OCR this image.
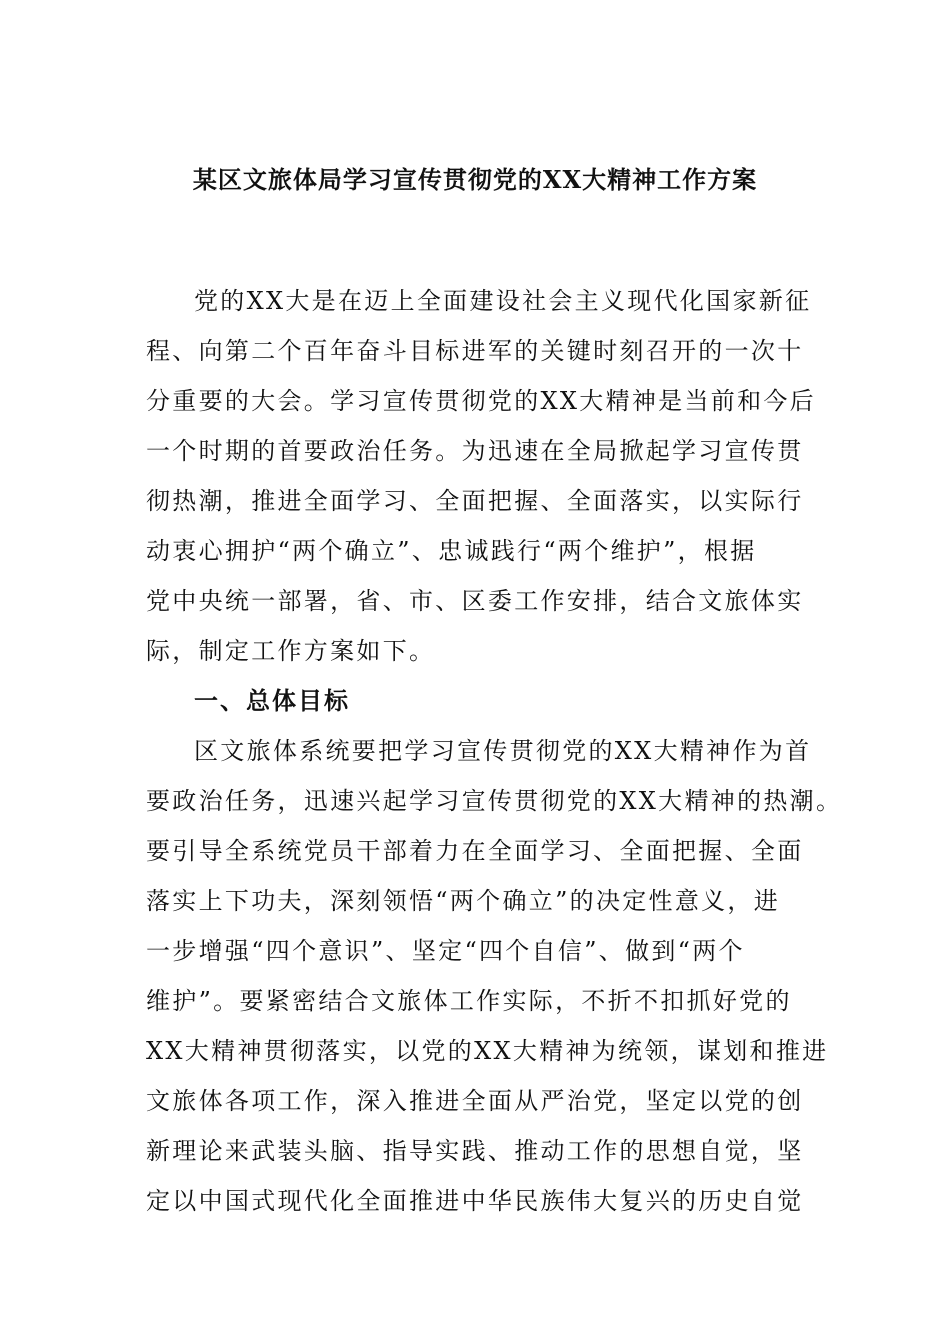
某区文旅体局学习宣传贯彻党的XX大精神工作方案
党的XX大是在迈上全面建设社会主义现代化国家新征
程、向第二个百年奋斗目标进军的关键时刻召开的一次十
分重要的大会。学习宣传贯彻党的XX大精神是当前和今后
一个时期的首要政治任务。为迅速在全局掀起学习宣传贯
彻热潮，推进全面学习、全面把握、全面落实，以实际行
动衷心拥护“两个确立”、忠诚践行“两个维护”，根据
党中央统一部署，省、市、区委工作安排，结合文旅体实
际，制定工作方案如下。
一、总体目标
区文旅体系统要把学习宣传贯彻党的XX大精神作为首
要政治任务，迅速兴起学习宣传贯彻党的XX大精神的热潮。
要引导全系统党员干部着力在全面学习、全面把握、全面
落实上下功夫，深刻领悟“两个确立”的决定性意义，进
一步增强“四个意识”、坚定“四个自信”、做到“两个
维护”。要紧密结合文旅体工作实际，不折不扣抓好党的
XX大精神贯彻落实，以党的XX大精神为统领，谋划和推进
文旅体各项工作，深入推进全面从严治党，坚定以党的创
新理论来武装头脑、指导实践、推动工作的思想自觉，坚
定以中国式现代化全面推进中华民族伟大复兴的历史自觉
